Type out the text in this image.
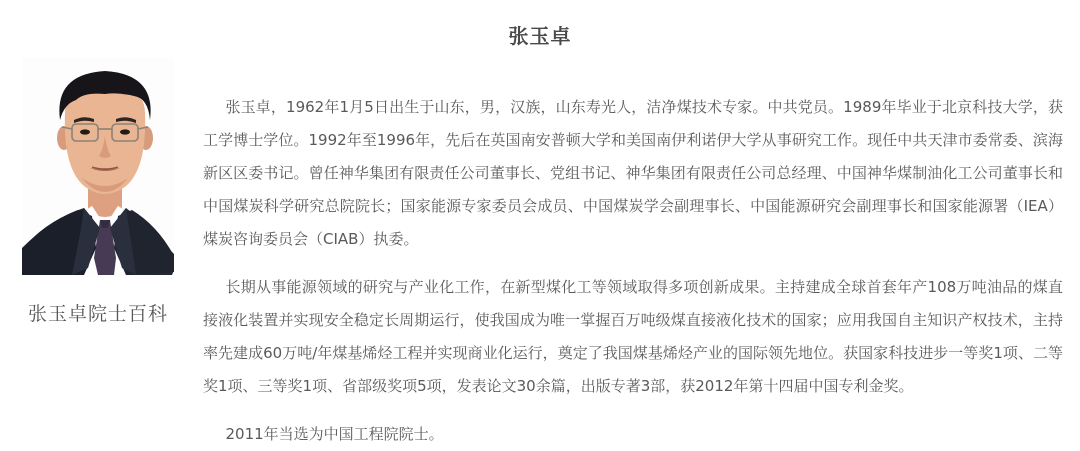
张玉卓
张玉卓院士百科

张玉卓，1962年1月5日出生于山东，男，汉族，山东寿光人，洁净煤技术专家。中共党员。1989年毕业于北京科技大学，获工学博士学位。1992年至1996年，先后在英国南安普顿大学和美国南伊利诺伊大学从事研究工作。现任中共天津市委常委、滨海新区区委书记。曾任神华集团有限责任公司董事长、党组书记、神华集团有限责任公司总经理、中国神华煤制油化工公司董事长和中国煤炭科学研究总院院长；国家能源专家委员会成员、中国煤炭学会副理事长、中国能源研究会副理事长和国家能源署（IEA）煤炭咨询委员会（CIAB）执委。

长期从事能源领域的研究与产业化工作，在新型煤化工等领域取得多项创新成果。主持建成全球首套年产108万吨油品的煤直接液化装置并实现安全稳定长周期运行，使我国成为唯一掌握百万吨级煤直接液化技术的国家；应用我国自主知识产权技术，主持率先建成60万吨/年煤基烯烃工程并实现商业化运行，奠定了我国煤基烯烃产业的国际领先地位。获国家科技进步一等奖1项、二等奖1项、三等奖1项、省部级奖项5项，发表论文30余篇，出版专著3部，获2012年第十四届中国专利金奖。

2011年当选为中国工程院院士。
